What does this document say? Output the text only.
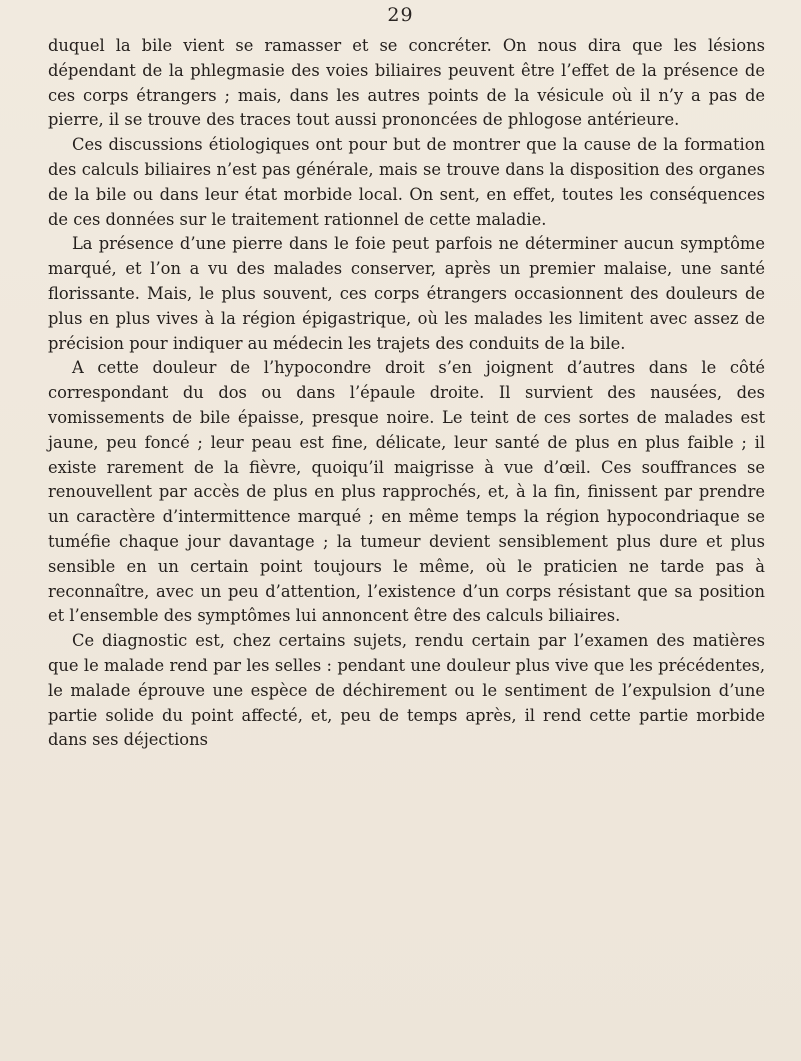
29

duquel la bile vient se ramasser et se concréter. On nous dira que les lésions dépendant de la phlegmasie des voies biliaires peuvent être l’effet de la présence de ces corps étrangers ; mais, dans les autres points de la vésicule où il n’y a pas de pierre, il se trouve des traces tout aussi prononcées de phlogose antérieure.

Ces discussions étiologiques ont pour but de montrer que la cause de la formation des calculs biliaires n’est pas générale, mais se trouve dans la disposition des organes de la bile ou dans leur état morbide local. On sent, en effet, toutes les conséquences de ces données sur le traitement rationnel de cette maladie.

La présence d’une pierre dans le foie peut parfois ne déterminer aucun symptôme marqué, et l’on a vu des malades conserver, après un premier malaise, une santé florissante. Mais, le plus souvent, ces corps étrangers occasionnent des douleurs de plus en plus vives à la région épigastrique, où les malades les limitent avec assez de précision pour indiquer au médecin les trajets des conduits de la bile.

A cette douleur de l’hypocondre droit s’en joignent d’autres dans le côté correspondant du dos ou dans l’épaule droite. Il survient des nausées, des vomissements de bile épaisse, presque noire. Le teint de ces sortes de malades est jaune, peu foncé ; leur peau est fine, délicate, leur santé de plus en plus faible ; il existe rarement de la fièvre, quoiqu’il maigrisse à vue d’œil. Ces souffrances se renouvellent par accès de plus en plus rapprochés, et, à la fin, finissent par prendre un caractère d’intermittence marqué ; en même temps la région hypocondriaque se tuméfie chaque jour davantage ; la tumeur devient sensiblement plus dure et plus sensible en un certain point toujours le même, où le praticien ne tarde pas à reconnaître, avec un peu d’attention, l’existence d’un corps résistant que sa position et l’ensemble des symptômes lui annoncent être des calculs biliaires.

Ce diagnostic est, chez certains sujets, rendu certain par l’examen des matières que le malade rend par les selles : pendant une douleur plus vive que les précédentes, le malade éprouve une espèce de déchirement ou le sentiment de l’expulsion d’une partie solide du point affecté, et, peu de temps après, il rend cette partie morbide dans ses déjections
